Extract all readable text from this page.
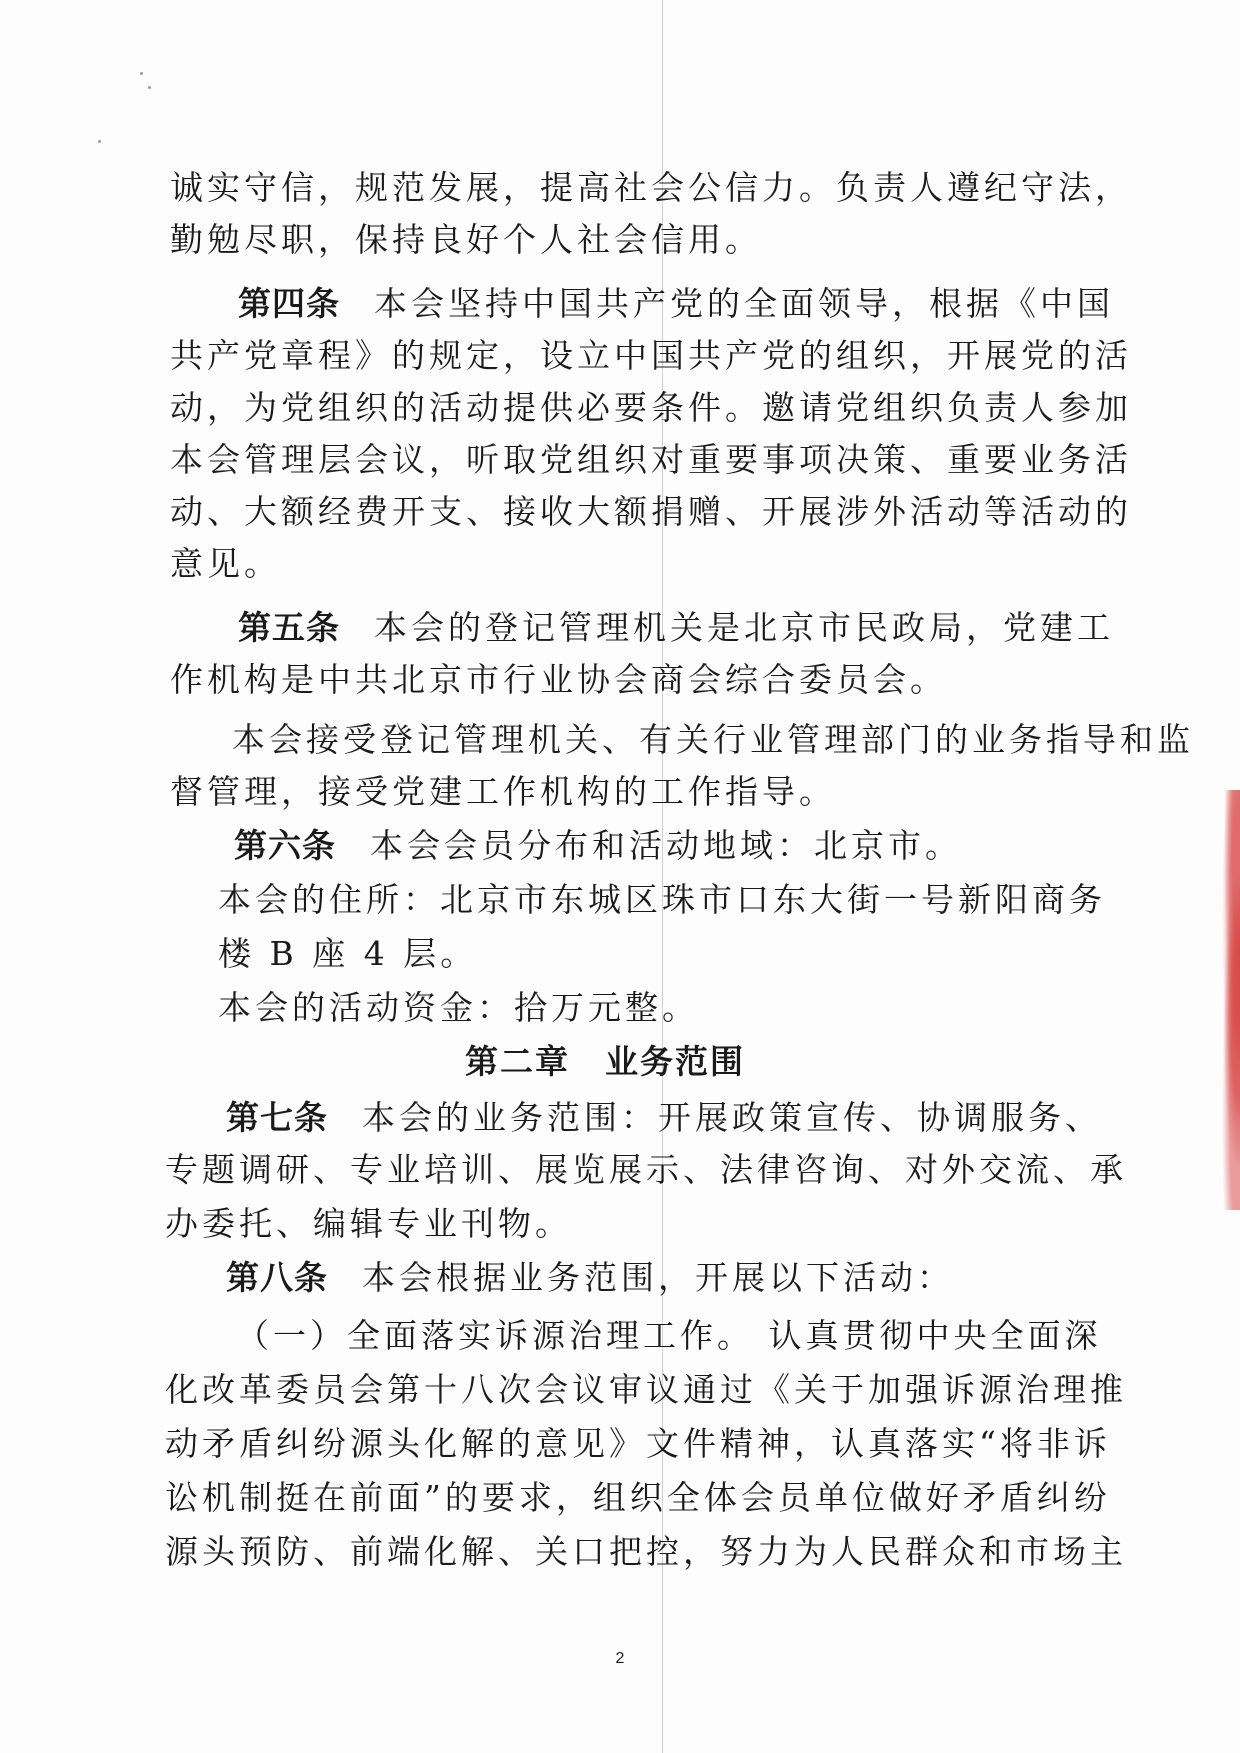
诚实守信，规范发展，提高社会公信力。负责人遵纪守法，
勤勉尽职，保持良好个人社会信用。
第四条 本会坚持中国共产党的全面领导，根据《中国
共产党章程》的规定，设立中国共产党的组织，开展党的活
动，为党组织的活动提供必要条件。邀请党组织负责人参加
本会管理层会议，听取党组织对重要事项决策、重要业务活
动、大额经费开支、接收大额捐赠、开展涉外活动等活动的
意见。
第五条 本会的登记管理机关是北京市民政局，党建工
作机构是中共北京市行业协会商会综合委员会。
本会接受登记管理机关、有关行业管理部门的业务指导和监
督管理，接受党建工作机构的工作指导。
第六条 本会会员分布和活动地域：北京市。
本会的住所：北京市东城区珠市口东大街一号新阳商务
楼 B 座 4 层。
本会的活动资金：拾万元整。
第二章　业务范围
第七条 本会的业务范围：开展政策宣传、协调服务、
专题调研、专业培训、展览展示、法律咨询、对外交流、承
办委托、编辑专业刊物。
第八条 本会根据业务范围，开展以下活动：
（一）全面落实诉源治理工作。 认真贯彻中央全面深
化改革委员会第十八次会议审议通过《关于加强诉源治理推
动矛盾纠纷源头化解的意见》文件精神，认真落实“将非诉
讼机制挺在前面”的要求，组织全体会员单位做好矛盾纠纷
源头预防、前端化解、关口把控，努力为人民群众和市场主
2
